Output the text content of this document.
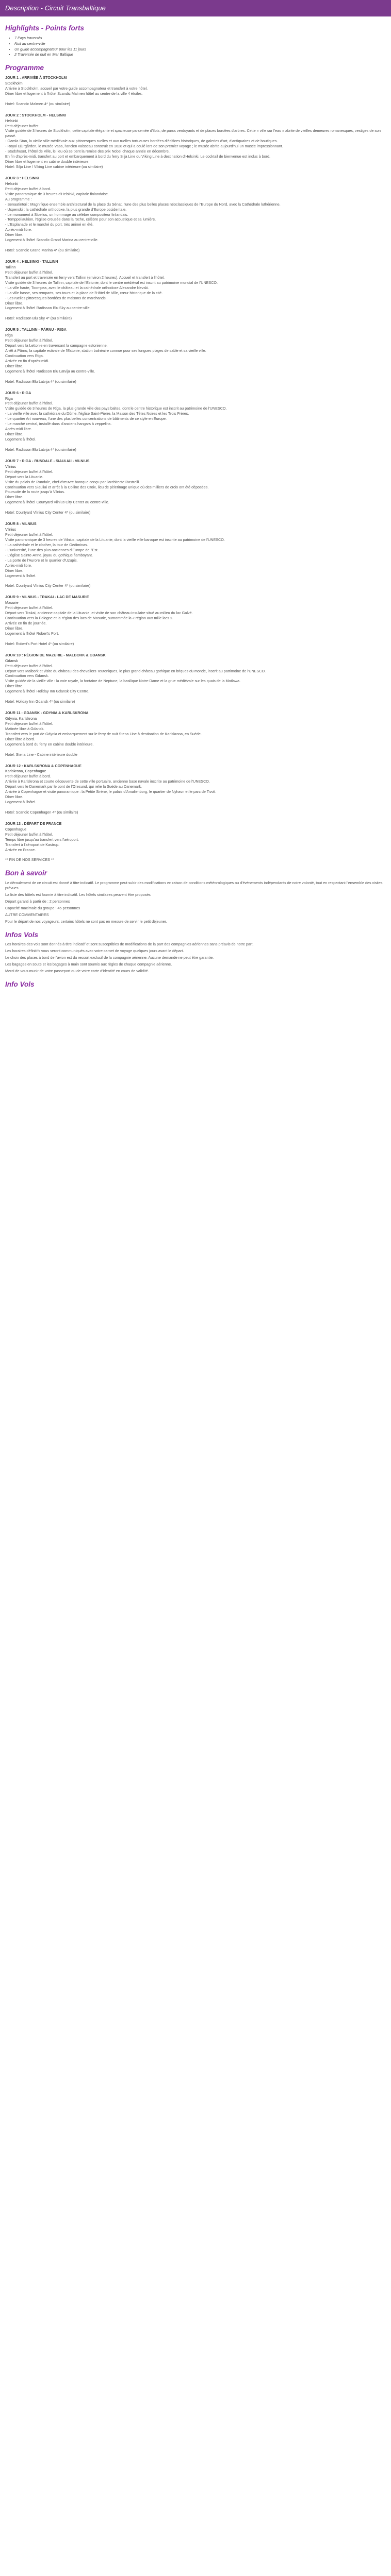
Description - Circuit Transbaltique
Highlights - Points forts
• 7 Pays traversés
• Nuit au centre-ville
• Un guide accompagnateur pour les 11 jours
• 2 Traversée de nuit en Mer Baltique
Programme
JOUR 1 : ARRIVÉE À STOCKHOLM
Stockholm

Arrivée à Stockholm, accueil par votre guide accompagnateur et transfert à votre hôtel.

Dîner libre et logement à l'hôtel Scandic Malmen hôtel au centre de la ville 4 étoiles.

Hotel: Scandic Malmen 4* (ou similaire)

JOUR 2 : STOCKHOLM - HELSINKI
Helsinki

Petit déjeuner buffet

Visite guidée de 3 heures de Stockholm, cette capitale élégante et spacieuse parsemée d'îlots, de parcs verdoyants et de places bordées d'arbres. Cette « ville sur l'eau » abrite de vieilles demeures romanesques, vestiges de son passé.

- Gamla Stan, la vieille ville médiévale aux pittoresques ruelles et aux ruelles tortueuses bordées d'édifices historiques, de galeries d'art, d'antiquaires et de boutiques.

- Royal Djurgården, le musée Vasa, l'ancien vaisseau construit en 1628 et qui a coulé lors de son premier voyage ; le musée abrite aujourd'hui un musée impressionnant.

- Stadshuset, l'hôtel de Ville, le lieu où se tient la remise des prix Nobel chaque année en décembre.

En fin d'après-midi, transfert au port et embarquement à bord du ferry Silja Line ou Viking Line à destination d'Helsinki. Le cocktail de bienvenue est inclus à bord.

Dîner libre et logement en cabine double intérieure.

Hotel: Silja Line / Viking Line cabine intérieure (ou similaire)

JOUR 3 : HELSINKI
Helsinki

Petit déjeuner buffet à bord.

Visite panoramique de 3 heures d'Helsinki, capitale finlandaise.

Au programme :

- Senaatintori : Magnifique ensemble architectural de la place du Sénat, l'une des plus belles places néoclassiques de l'Europe du Nord, avec la Cathédrale luthérienne.

- Uspenski : la cathédrale orthodoxe, la plus grande d'Europe occidentale.

- Le monument à Sibelius, un hommage au célèbre compositeur finlandais.

- Temppeliaukion, l'église creusée dans la roche, célèbre pour son acoustique et sa lumière.

- L'Esplanade et le marché du port, très animé en été.

Après-midi libre.

Dîner libre.

Logement à l'hôtel Scandic Grand Marina au centre-ville.

Hotel: Scandic Grand Marina 4* (ou similaire)

JOUR 4 : HELSINKI - TALLINN
Tallinn

Petit déjeuner buffet à l'hôtel.

Transfert au port et traversée en ferry vers Tallinn (environ 2 heures). Accueil et transfert à l'hôtel.

Visite guidée de 3 heures de Tallinn, capitale de l'Estonie, dont le centre médiéval est inscrit au patrimoine mondial de l'UNESCO.

- La ville haute, Toompea, avec le château et la cathédrale orthodoxe Alexandre Nevski.

- La ville basse, ses remparts, ses tours et la place de l'Hôtel de Ville, cœur historique de la cité.

- Les ruelles pittoresques bordées de maisons de marchands.

Dîner libre.

Logement à l'hôtel Radisson Blu Sky au centre-ville.

Hotel: Radisson Blu Sky 4* (ou similaire)

JOUR 5 : TALLINN - PÄRNU - RIGA
Riga

Petit déjeuner buffet à l'hôtel.

Départ vers la Lettonie en traversant la campagne estonienne.

Arrêt à Pärnu, la capitale estivale de l'Estonie, station balnéaire connue pour ses longues plages de sable et sa vieille ville.

Continuation vers Riga.

Arrivée en fin d'après-midi.

Dîner libre.

Logement à l'hôtel Radisson Blu Latvija au centre-ville.

Hotel: Radisson Blu Latvija 4* (ou similaire)

JOUR 6 : RIGA
Riga

Petit déjeuner buffet à l'hôtel.

Visite guidée de 3 heures de Riga, la plus grande ville des pays baltes, dont le centre historique est inscrit au patrimoine de l'UNESCO.

- La vieille ville avec la cathédrale du Dôme, l'église Saint-Pierre, la Maison des Têtes Noires et les Trois Frères.

- Le quartier Art nouveau, l'une des plus belles concentrations de bâtiments de ce style en Europe.

- Le marché central, installé dans d'anciens hangars à zeppelins.

Après-midi libre.

Dîner libre.

Logement à l'hôtel.

Hotel: Radisson Blu Latvija 4* (ou similaire)

JOUR 7 : RIGA - RUNDALE - SIAULIAI - VILNIUS
Vilnius

Petit déjeuner buffet à l'hôtel.

Départ vers la Lituanie.

Visite du palais de Rundale, chef-d'œuvre baroque conçu par l'architecte Rastrelli.

Continuation vers Siauliai et arrêt à la Colline des Croix, lieu de pèlerinage unique où des milliers de croix ont été déposées.

Poursuite de la route jusqu'à Vilnius.

Dîner libre.

Logement à l'hôtel Courtyard Vilnius City Center au centre-ville.

Hotel: Courtyard Vilnius City Center 4* (ou similaire)

JOUR 8 : VILNIUS
Vilnius

Petit déjeuner buffet à l'hôtel.

Visite panoramique de 3 heures de Vilnius, capitale de la Lituanie, dont la vieille ville baroque est inscrite au patrimoine de l'UNESCO.

- La cathédrale et le clocher, la tour de Gediminas.

- L'université, l'une des plus anciennes d'Europe de l'Est.

- L'église Sainte-Anne, joyau du gothique flamboyant.

- La porte de l'Aurore et le quartier d'Uzupis.

Après-midi libre.

Dîner libre.

Logement à l'hôtel.

Hotel: Courtyard Vilnius City Center 4* (ou similaire)

JOUR 9 : VILNIUS - TRAKAI - LAC DE MASURIE
Masurie

Petit déjeuner buffet à l'hôtel.

Départ vers Trakai, ancienne capitale de la Lituanie, et visite de son château insulaire situé au milieu du lac Galvé.

Continuation vers la Pologne et la région des lacs de Masurie, surnommée la « région aux mille lacs ».

Arrivée en fin de journée.

Dîner libre.

Logement à l'hôtel Robert's Port.

Hotel: Robert's Port Hotel 4* (ou similaire)

JOUR 10 : RÉGION DE MAZURIE - MALBORK & GDANSK
Gdansk

Petit déjeuner buffet à l'hôtel.

Départ vers Malbork et visite du château des chevaliers Teutoniques, le plus grand château gothique en briques du monde, inscrit au patrimoine de l'UNESCO.

Continuation vers Gdansk.

Visite guidée de la vieille ville : la voie royale, la fontaine de Neptune, la basilique Notre-Dame et la grue médiévale sur les quais de la Motlawa.

Dîner libre.

Logement à l'hôtel Holiday Inn Gdansk City Centre.

Hotel: Holiday Inn Gdansk 4* (ou similaire)

JOUR 11 : GDANSK - GDYNIA & KARLSKRONA
Gdynia, Karlskrona

Petit déjeuner buffet à l'hôtel.

Matinée libre à Gdansk.

Transfert vers le port de Gdynia et embarquement sur le ferry de nuit Stena Line à destination de Karlskrona, en Suède.

Dîner libre à bord.

Logement à bord du ferry en cabine double intérieure.

Hotel: Stena Line - Cabine intérieure double

JOUR 12 : KARLSKRONA & COPENHAGUE
Karlskrona, Copenhague

Petit déjeuner buffet à bord.

Arrivée à Karlskrona et courte découverte de cette ville portuaire, ancienne base navale inscrite au patrimoine de l'UNESCO.

Départ vers le Danemark par le pont de l'Øresund, qui relie la Suède au Danemark.

Arrivée à Copenhague et visite panoramique : la Petite Sirène, le palais d'Amalienborg, le quartier de Nyhavn et le parc de Tivoli.

Dîner libre.

Logement à l'hôtel.

Hotel: Scandic Copenhagen 4* (ou similaire)

JOUR 13 : DÉPART DE FRANCE
Copenhague

Petit déjeuner buffet à l'hôtel.

Temps libre jusqu'au transfert vers l'aéroport.

Transfert à l'aéroport de Kastrup.

Arrivée en France.

** FIN DE NOS SERVICES **

Bon à savoir

Le déroulement de ce circuit est donné à titre indicatif. Le programme peut subir des modifications en raison de conditions météorologiques ou d'événements indépendants de notre volonté, tout en respectant l'ensemble des visites prévues.

La liste des hôtels est fournie à titre indicatif. Les hôtels similaires peuvent être proposés.

Départ garanti à partir de : 2 personnes

Capacité maximale du groupe : 45 personnes

AUTRE COMMENTAIRES

Pour le départ de nos voyageurs, certains hôtels ne sont pas en mesure de servir le petit déjeuner.

Infos Vols

Les horaires des vols sont donnés à titre indicatif et sont susceptibles de modifications de la part des compagnies aériennes sans préavis de notre part.

Les horaires définitifs vous seront communiqués avec votre carnet de voyage quelques jours avant le départ.

Le choix des places à bord de l'avion est du ressort exclusif de la compagnie aérienne. Aucune demande ne peut être garantie.

Les bagages en soute et les bagages à main sont soumis aux règles de chaque compagnie aérienne.

Merci de vous munir de votre passeport ou de votre carte d'identité en cours de validité.

Info Vols
